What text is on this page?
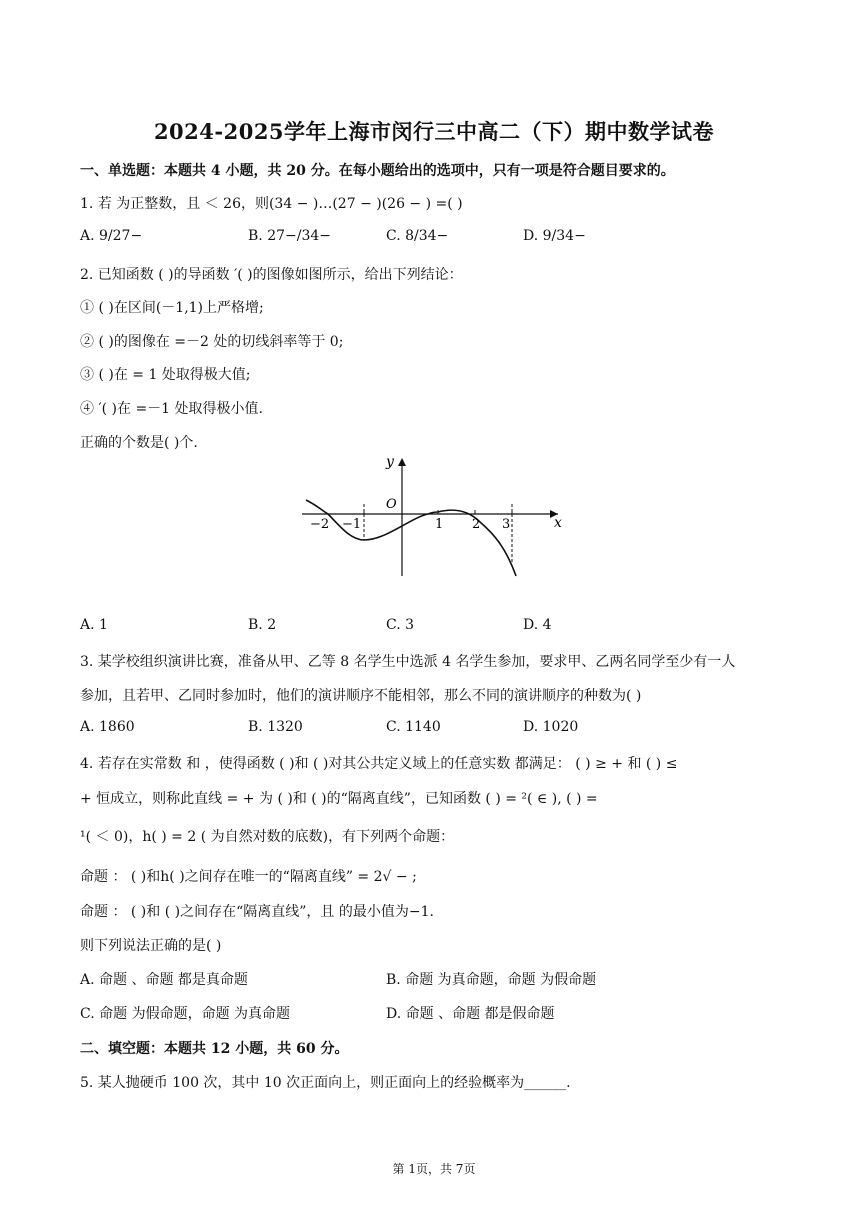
2024-2025学年上海市闵行三中高二（下）期中数学试卷
一、单选题：本题共 4 小题，共 20 分。在每小题给出的选项中，只有一项是符合题目要求的。
1. 若 为正整数，且 ＜ 26，则(34 − )…(27 − )(26 − ) =( )
A. 9/27−	B. 27−/34−	C. 8/34−	D. 9/34−
2. 已知函数 ( )的导函数 ′( )的图像如图所示，给出下列结论：
① ( )在区间(－1,1)上严格增;
② ( )的图像在 =－2 处的切线斜率等于 0;
③ ( )在 = 1 处取得极大值;
④ ′( )在 =－1 处取得极小值.
正确的个数是( )个.
y
O
x
−2 −1	1 2 3
A. 1	B. 2	C. 3	D. 4
3. 某学校组织演讲比赛，准备从甲、乙等 8 名学生中选派 4 名学生参加，要求甲、乙两名同学至少有一人
参加，且若甲、乙同时参加时，他们的演讲顺序不能相邻，那么不同的演讲顺序的种数为( )
A. 1860	B. 1320	C. 1140	D. 1020
4. 若存在实常数 和 ，使得函数 ( )和 ( )对其公共定义域上的任意实数 都满足： ( ) ≥ + 和 ( ) ≤
+ 恒成立，则称此直线 = + 为 ( )和 ( )的“隔离直线”，已知函数 ( ) = ²( ∈ ), ( ) =
¹( ＜ 0)，h( ) = 2 ( 为自然对数的底数)，有下列两个命题：
命题 ： ( )和h( )之间存在唯一的“隔离直线” = 2√ − ;
命题 ： ( )和 ( )之间存在“隔离直线”，且 的最小值为−1.
则下列说法正确的是( )
A. 命题 、命题 都是真命题	B. 命题 为真命题，命题 为假命题
C. 命题 为假命题，命题 为真命题	D. 命题 、命题 都是假命题
二、填空题：本题共 12 小题，共 60 分。
5. 某人抛硬币 100 次，其中 10 次正面向上，则正面向上的经验概率为______.
第 1页，共 7页
